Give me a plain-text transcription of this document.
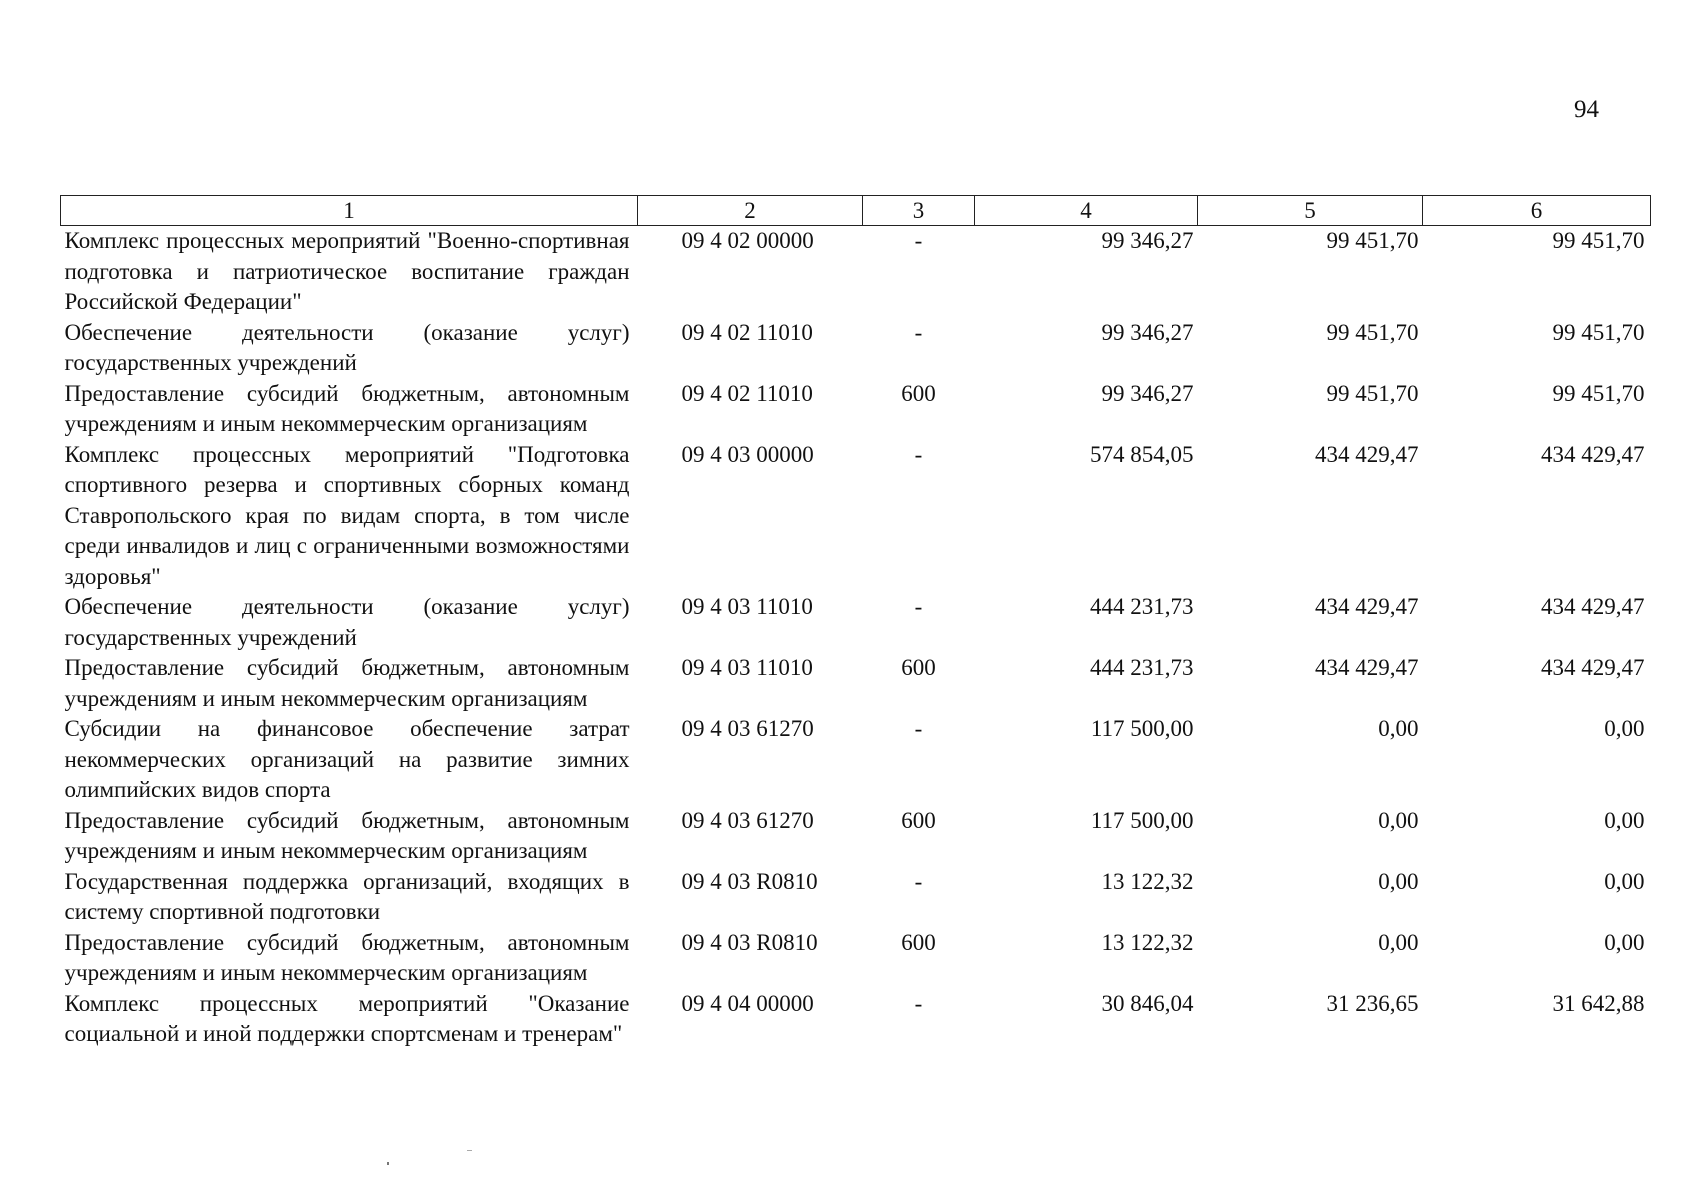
94
1	2	3	4	5	6
Комплекс процессных мероприятий "Военно-спортивная подготовка и патриотическое воспитание граждан Российской Федерации"	09 4 02 00000	-	99 346,27	99 451,70	99 451,70
Обеспечение деятельности (оказание услуг) государственных учреждений	09 4 02 11010	-	99 346,27	99 451,70	99 451,70
Предоставление субсидий бюджетным, автономным учреждениям и иным некоммерческим организациям	09 4 02 11010	600	99 346,27	99 451,70	99 451,70
Комплекс процессных мероприятий "Подготовка спортивного резерва и спортивных сборных команд Ставропольского края по видам спорта, в том числе среди инвалидов и лиц с ограниченными возможностями здоровья"	09 4 03 00000	-	574 854,05	434 429,47	434 429,47
Обеспечение деятельности (оказание услуг) государственных учреждений	09 4 03 11010	-	444 231,73	434 429,47	434 429,47
Предоставление субсидий бюджетным, автономным учреждениям и иным некоммерческим организациям	09 4 03 11010	600	444 231,73	434 429,47	434 429,47
Субсидии на финансовое обеспечение затрат некоммерческих организаций на развитие зимних олимпийских видов спорта	09 4 03 61270	-	117 500,00	0,00	0,00
Предоставление субсидий бюджетным, автономным учреждениям и иным некоммерческим организациям	09 4 03 61270	600	117 500,00	0,00	0,00
Государственная поддержка организаций, входящих в систему спортивной подготовки	09 4 03 R0810	-	13 122,32	0,00	0,00
Предоставление субсидий бюджетным, автономным учреждениям и иным некоммерческим организациям	09 4 03 R0810	600	13 122,32	0,00	0,00
Комплекс процессных мероприятий "Оказание социальной и иной поддержки спортсменам и тренерам"	09 4 04 00000	-	30 846,04	31 236,65	31 642,88
